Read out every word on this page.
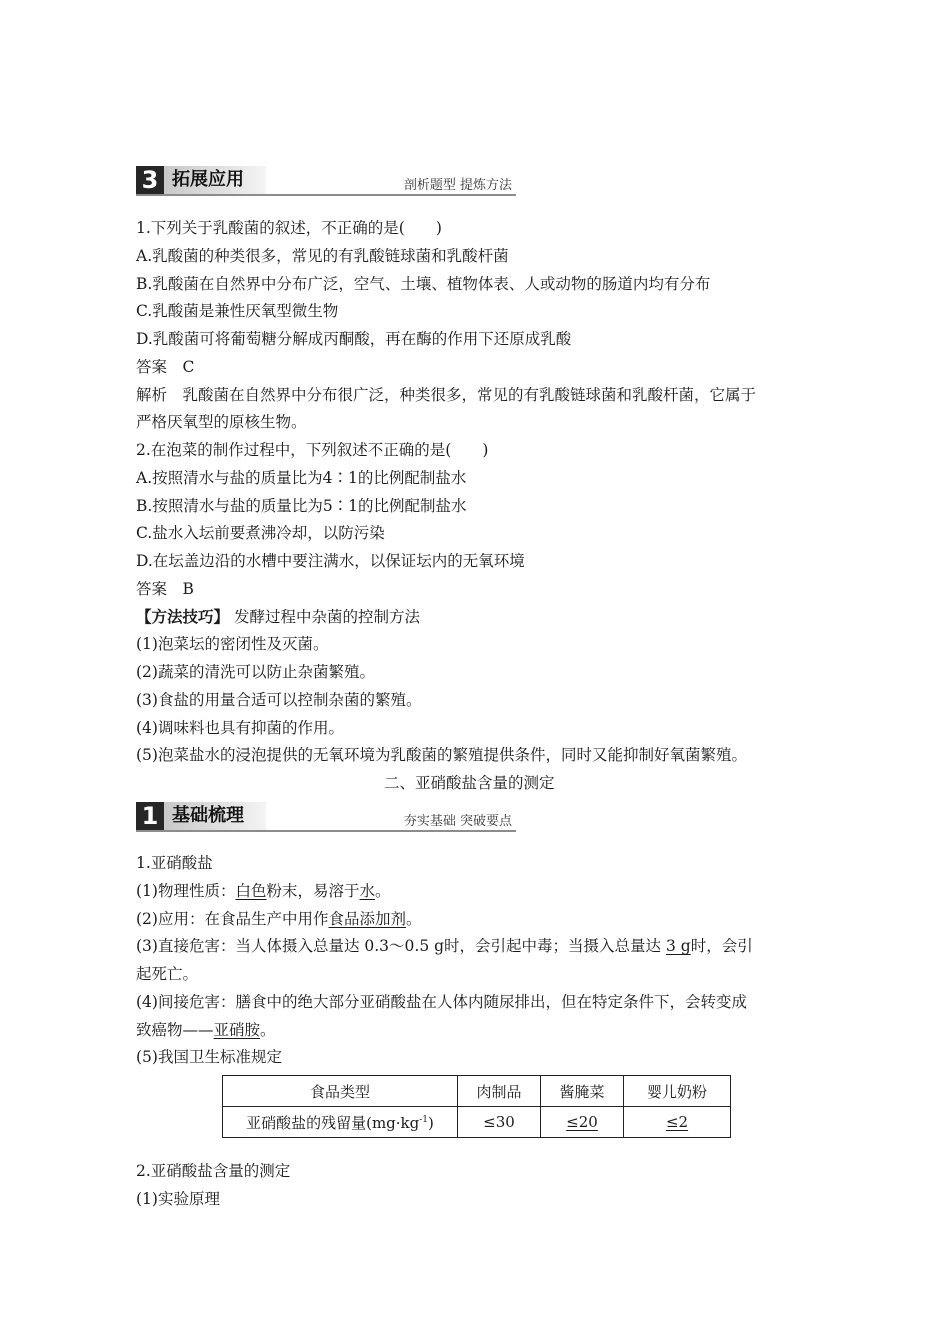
3 拓展应用	剖析题型 提炼方法
1.下列关于乳酸菌的叙述，不正确的是(　　)
A.乳酸菌的种类很多，常见的有乳酸链球菌和乳酸杆菌
B.乳酸菌在自然界中分布广泛，空气、土壤、植物体表、人或动物的肠道内均有分布
C.乳酸菌是兼性厌氧型微生物
D.乳酸菌可将葡萄糖分解成丙酮酸，再在酶的作用下还原成乳酸
答案　C
解析　乳酸菌在自然界中分布很广泛，种类很多，常见的有乳酸链球菌和乳酸杆菌，它属于
严格厌氧型的原核生物。
2.在泡菜的制作过程中，下列叙述不正确的是(　　)
A.按照清水与盐的质量比为4∶1的比例配制盐水
B.按照清水与盐的质量比为5∶1的比例配制盐水
C.盐水入坛前要煮沸冷却，以防污染
D.在坛盖边沿的水槽中要注满水，以保证坛内的无氧环境
答案　B
【方法技巧】 发酵过程中杂菌的控制方法
(1)泡菜坛的密闭性及灭菌。
(2)蔬菜的清洗可以防止杂菌繁殖。
(3)食盐的用量合适可以控制杂菌的繁殖。
(4)调味料也具有抑菌的作用。
(5)泡菜盐水的浸泡提供的无氧环境为乳酸菌的繁殖提供条件，同时又能抑制好氧菌繁殖。
二、亚硝酸盐含量的测定
1 基础梳理	夯实基础 突破要点
1.亚硝酸盐
(1)物理性质：白色粉末，易溶于水。
(2)应用：在食品生产中用作食品添加剂。
(3)直接危害：当人体摄入总量达 0.3～0.5 g时，会引起中毒；当摄入总量达 3 g时，会引
起死亡。
(4)间接危害：膳食中的绝大部分亚硝酸盐在人体内随尿排出，但在特定条件下，会转变成
致癌物——亚硝胺。
(5)我国卫生标准规定
食品类型	肉制品	酱腌菜	婴儿奶粉
亚硝酸盐的残留量$(mg\cdot kg^{-1})$	≤30	≤20	≤2
2.亚硝酸盐含量的测定
(1)实验原理
